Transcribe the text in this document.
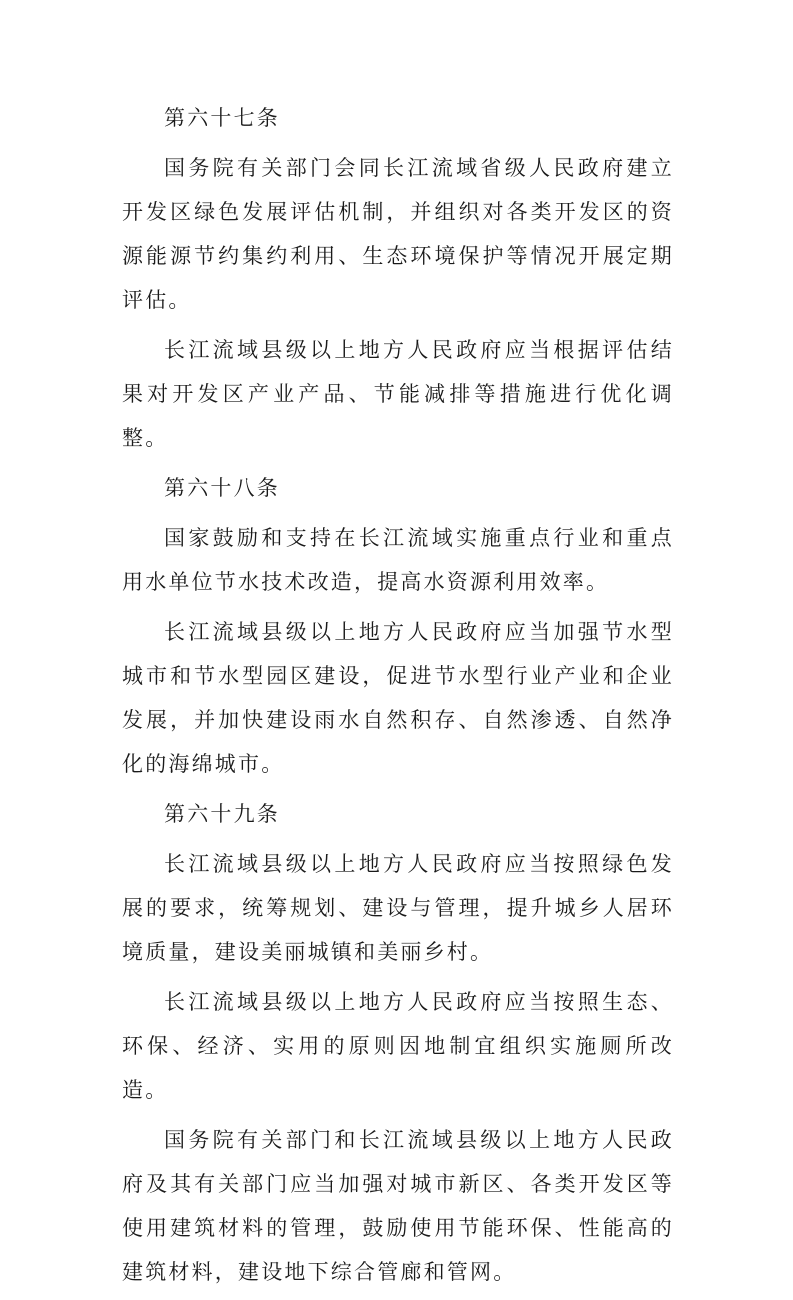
第六十七条

国务院有关部门会同长江流域省级人民政府建立开发区绿色发展评估机制，并组织对各类开发区的资源能源节约集约利用、生态环境保护等情况开展定期评估。

长江流域县级以上地方人民政府应当根据评估结果对开发区产业产品、节能减排等措施进行优化调整。

第六十八条

国家鼓励和支持在长江流域实施重点行业和重点用水单位节水技术改造，提高水资源利用效率。

长江流域县级以上地方人民政府应当加强节水型城市和节水型园区建设，促进节水型行业产业和企业发展，并加快建设雨水自然积存、自然渗透、自然净化的海绵城市。

第六十九条

长江流域县级以上地方人民政府应当按照绿色发展的要求，统筹规划、建设与管理，提升城乡人居环境质量，建设美丽城镇和美丽乡村。

长江流域县级以上地方人民政府应当按照生态、环保、经济、实用的原则因地制宜组织实施厕所改造。

国务院有关部门和长江流域县级以上地方人民政府及其有关部门应当加强对城市新区、各类开发区等使用建筑材料的管理，鼓励使用节能环保、性能高的建筑材料，建设地下综合管廊和管网。
